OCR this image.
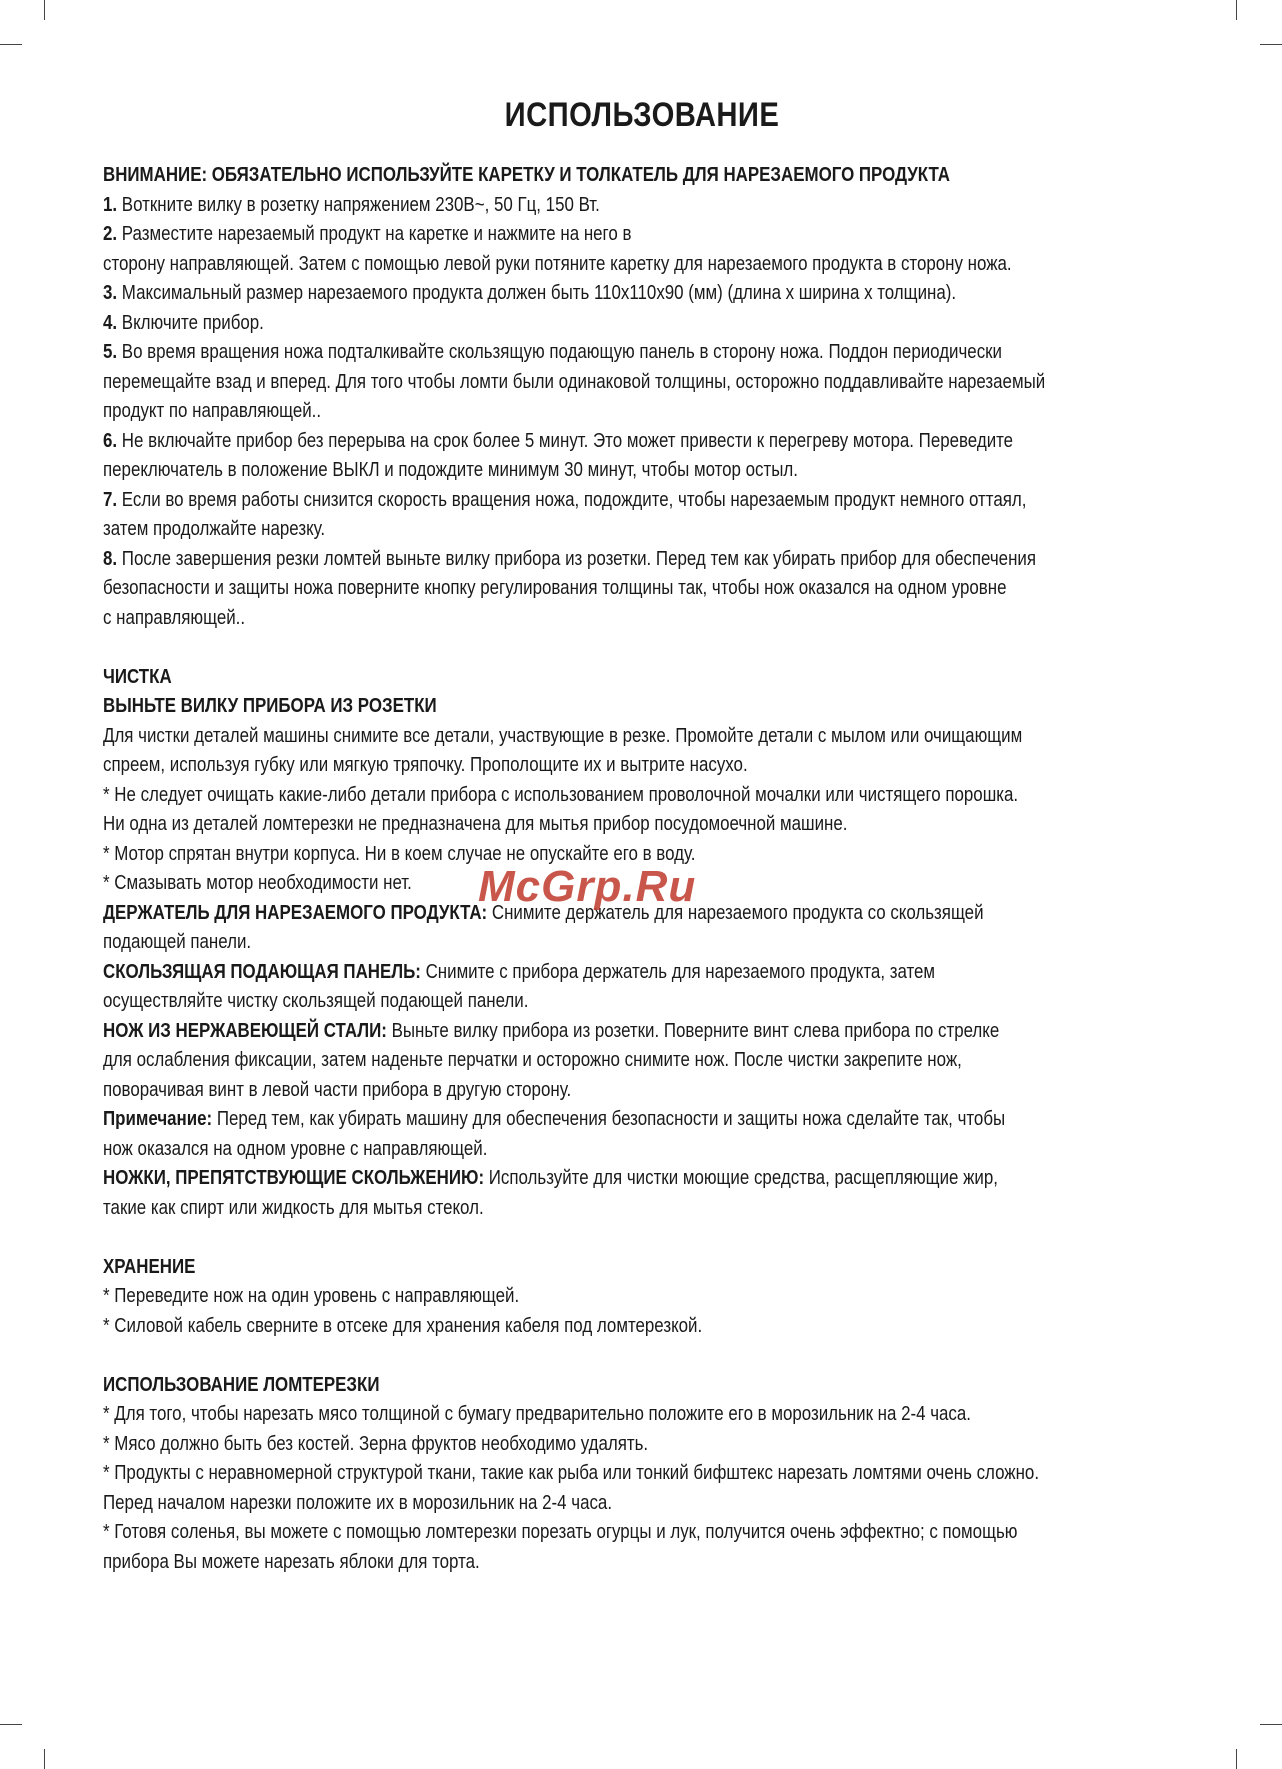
ИСПОЛЬЗОВАНИЕ

ВНИМАНИЕ: ОБЯЗАТЕЛЬНО ИСПОЛЬЗУЙТЕ КАРЕТКУ И ТОЛКАТЕЛЬ ДЛЯ НАРЕЗАЕМОГО ПРОДУКТА

1. Воткните вилку в розетку напряжением 230В~, 50 Гц, 150 Вт.

2. Разместите нарезаемый продукт на каретке и нажмите на него в

сторону направляющей. Затем с помощью левой руки потяните каретку для нарезаемого продукта в сторону ножа.

3. Максимальный размер нарезаемого продукта должен быть 110x110x90 (мм) (длина x ширина x толщина).

4. Включите прибор.

5. Во время вращения ножа подталкивайте скользящую подающую панель в сторону ножа. Поддон периодически

перемещайте взад и вперед. Для того чтобы ломти были одинаковой толщины, осторожно поддавливайте нарезаемый

продукт по направляющей..

6. Не включайте прибор без перерыва на срок более 5 минут. Это может привести к перегреву мотора. Переведите

переключатель в положение ВЫКЛ и подождите минимум 30 минут, чтобы мотор остыл.

7. Если во время работы снизится скорость вращения ножа, подождите, чтобы нарезаемым продукт немного оттаял,

затем продолжайте нарезку.

8. После завершения резки ломтей выньте вилку прибора из розетки. Перед тем как убирать прибор для обеспечения

безопасности и защиты ножа поверните кнопку регулирования толщины так, чтобы нож оказался на одном уровне

с направляющей..

ЧИСТКА

ВЫНЬТЕ ВИЛКУ ПРИБОРА ИЗ РОЗЕТКИ

Для чистки деталей машины снимите все детали, участвующие в резке. Промойте детали с мылом или очищающим

спреем, используя губку или мягкую тряпочку. Прополощите их и вытрите насухо.

* Не следует очищать какие-либо детали прибора с использованием проволочной мочалки или чистящего порошка.

Ни одна из деталей ломтерезки не предназначена для мытья прибор посудомоечной машине.

* Мотор спрятан внутри корпуса. Ни в коем случае не опускайте его в воду.

* Смазывать мотор необходимости нет.

ДЕРЖАТЕЛЬ ДЛЯ НАРЕЗАЕМОГО ПРОДУКТА: Снимите держатель для нарезаемого продукта со скользящей

подающей панели.

СКОЛЬЗЯЩАЯ ПОДАЮЩАЯ ПАНЕЛЬ: Снимите с прибора держатель для нарезаемого продукта, затем

осуществляйте чистку скользящей подающей панели.

НОЖ ИЗ НЕРЖАВЕЮЩЕЙ СТАЛИ: Выньте вилку прибора из розетки. Поверните винт слева прибора по стрелке

для ослабления фиксации, затем наденьте перчатки и осторожно снимите нож. После чистки закрепите нож,

поворачивая винт в левой части прибора в другую сторону.

Примечание: Перед тем, как убирать машину для обеспечения безопасности и защиты ножа сделайте так, чтобы

нож оказался на одном уровне с направляющей.

НОЖКИ, ПРЕПЯТСТВУЮЩИЕ СКОЛЬЖЕНИЮ: Используйте для чистки моющие средства, расщепляющие жир,

такие как спирт или жидкость для мытья стекол.

ХРАНЕНИЕ

* Переведите нож на один уровень с направляющей.

* Силовой кабель сверните в отсеке для хранения кабеля под ломтерезкой.

ИСПОЛЬЗОВАНИЕ ЛОМТЕРЕЗКИ

* Для того, чтобы нарезать мясо толщиной с бумагу предварительно положите его в морозильник на 2-4 часа.

* Мясо должно быть без костей. Зерна фруктов необходимо удалять.

* Продукты с неравномерной структурой ткани, такие как рыба или тонкий бифштекс нарезать ломтями очень сложно.

Перед началом нарезки положите их в морозильник на 2-4 часа.

* Готовя соленья, вы можете с помощью ломтерезки порезать огурцы и лук, получится очень эффектно; с помощью

прибора Вы можете нарезать яблоки для торта.

McGrp.Ru
